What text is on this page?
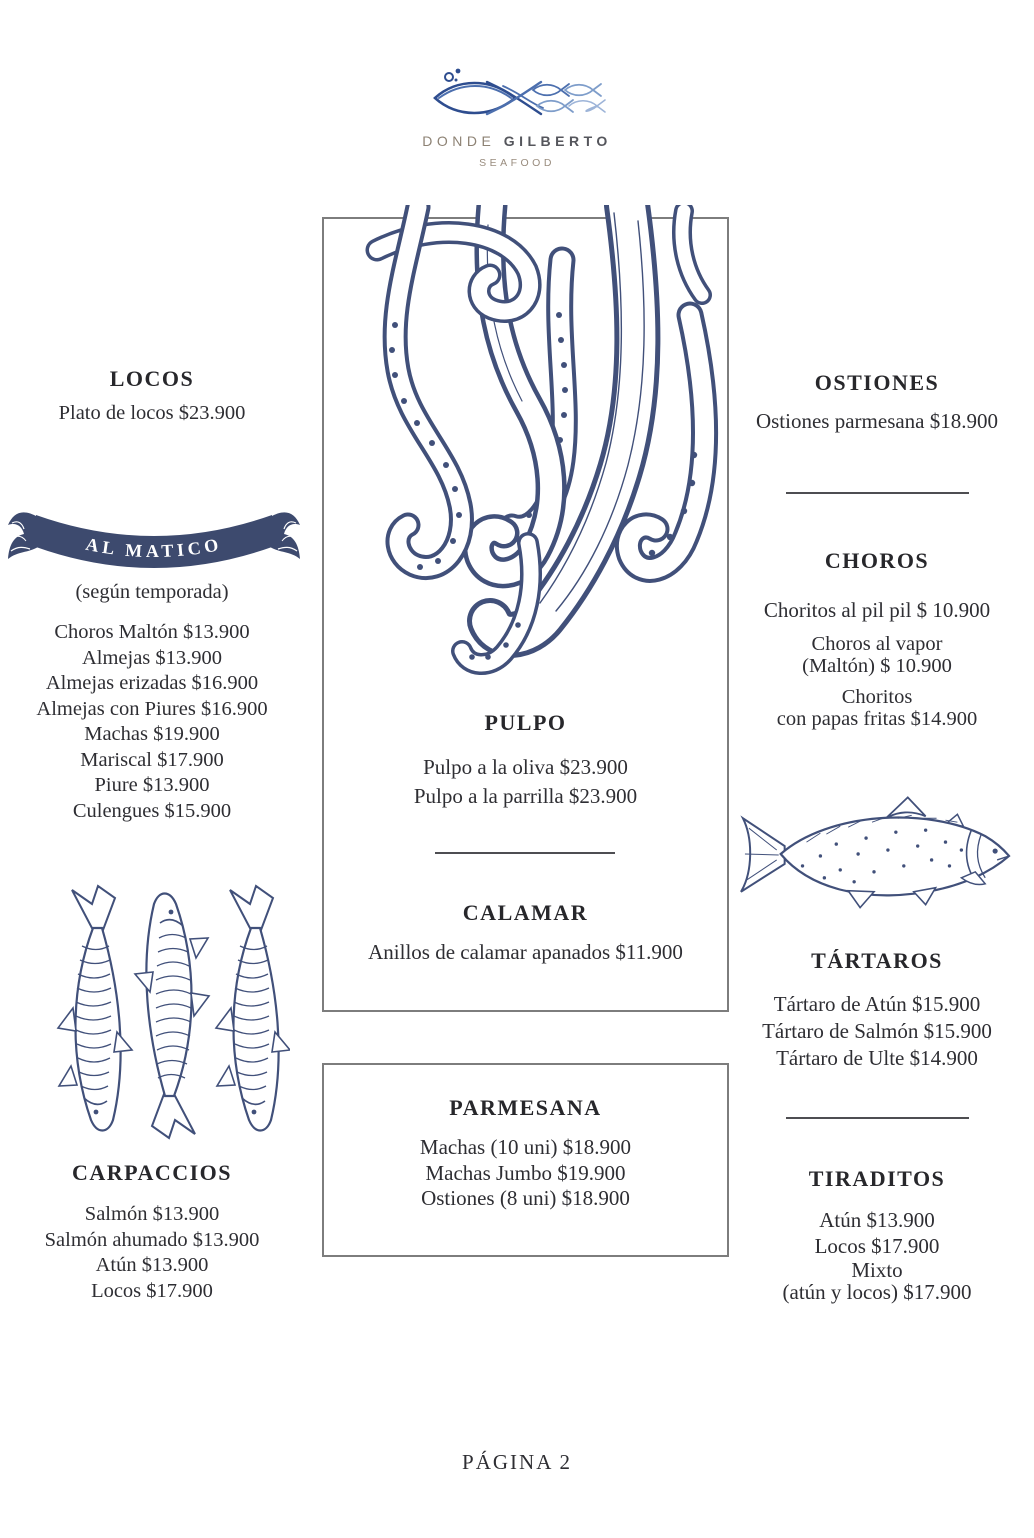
DONDE GILBERTO
SEAFOOD
LOCOS
Plato de locos $23.900
AL MATICO
(según temporada)
Choros Maltón $13.900
Almejas $13.900
Almejas erizadas $16.900
Almejas con Piures $16.900
Machas $19.900
Mariscal $17.900
Piure $13.900
Culengues $15.900
CARPACCIOS
Salmón $13.900
Salmón ahumado $13.900
Atún $13.900
Locos $17.900
PULPO
Pulpo a la oliva $23.900
Pulpo a la parrilla $23.900
CALAMAR
Anillos de calamar apanados $11.900
PARMESANA
Machas (10 uni) $18.900
Machas Jumbo $19.900
Ostiones (8 uni) $18.900
OSTIONES
Ostiones parmesana $18.900
CHOROS
Choritos al pil pil $ 10.900
Choros al vapor
(Maltón) $ 10.900
Choritos
con papas fritas $14.900
TÁRTAROS
Tártaro de Atún $15.900
Tártaro de Salmón $15.900
Tártaro de Ulte $14.900
TIRADITOS
Atún $13.900
Locos $17.900
Mixto
(atún y locos) $17.900
PÁGINA 2
